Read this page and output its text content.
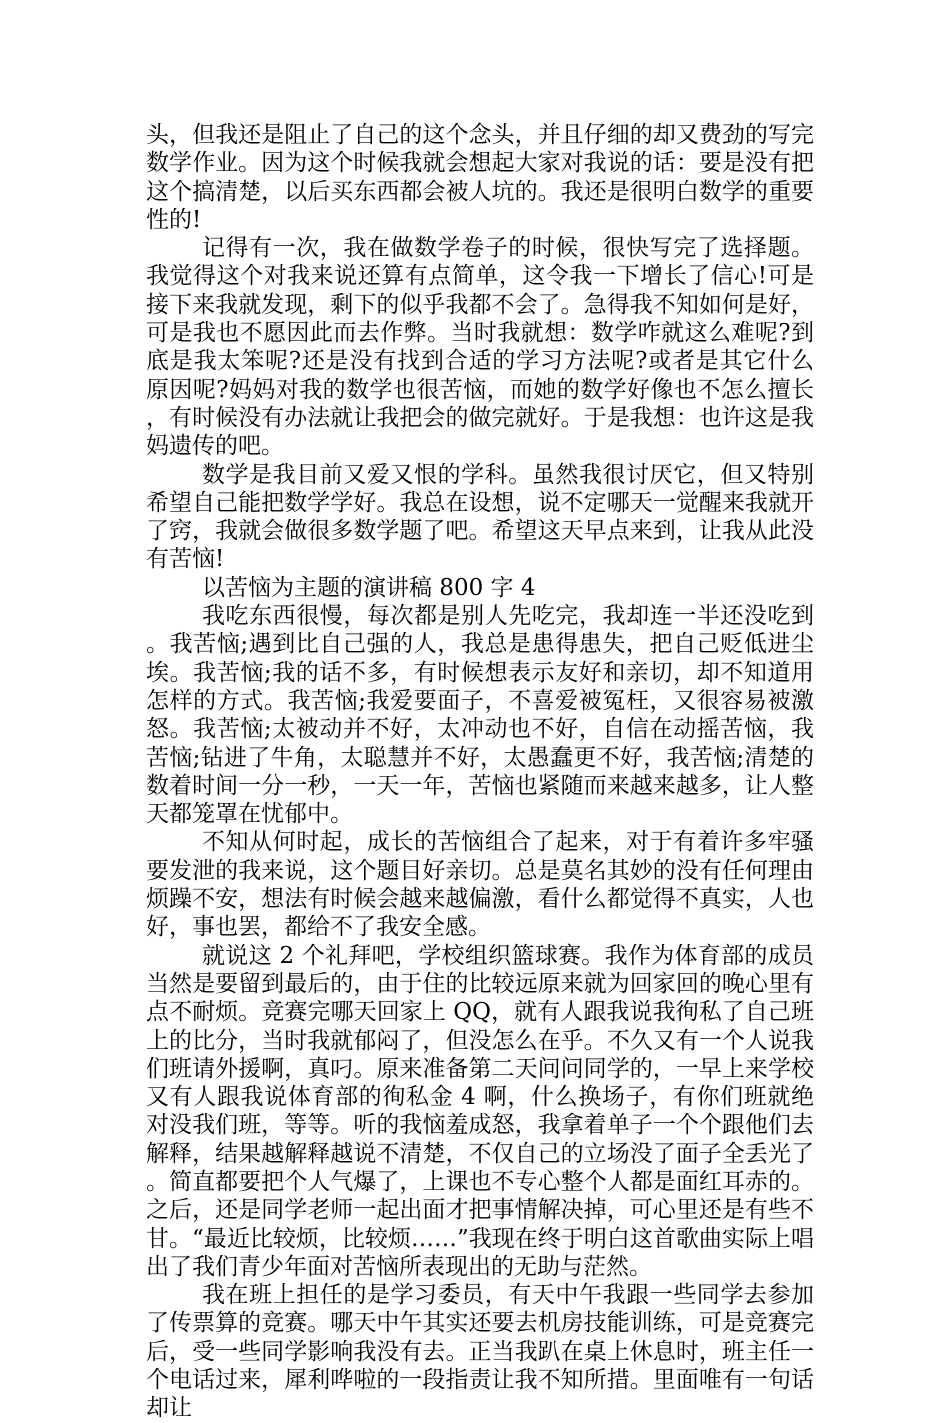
头，但我还是阻止了自己的这个念头，并且仔细的却又费劲的写完数学作业。因为这个时候我就会想起大家对我说的话：要是没有把这个搞清楚，以后买东西都会被人坑的。我还是很明白数学的重要性的!

记得有一次，我在做数学卷子的时候，很快写完了选择题。我觉得这个对我来说还算有点简单，这令我一下增长了信心!可是接下来我就发现，剩下的似乎我都不会了。急得我不知如何是好，可是我也不愿因此而去作弊。当时我就想：数学咋就这么难呢?到底是我太笨呢?还是没有找到合适的学习方法呢?或者是其它什么原因呢?妈妈对我的数学也很苦恼，而她的数学好像也不怎么擅长，有时候没有办法就让我把会的做完就好。于是我想：也许这是我妈遗传的吧。

数学是我目前又爱又恨的学科。虽然我很讨厌它，但又特别希望自己能把数学学好。我总在设想，说不定哪天一觉醒来我就开了窍，我就会做很多数学题了吧。希望这天早点来到，让我从此没有苦恼!

以苦恼为主题的演讲稿 800 字 4

我吃东西很慢，每次都是别人先吃完，我却连一半还没吃到。我苦恼;遇到比自己强的人，我总是患得患失，把自己贬低进尘埃。我苦恼;我的话不多，有时候想表示友好和亲切，却不知道用怎样的方式。我苦恼;我爱要面子，不喜爱被冤枉，又很容易被激怒。我苦恼;太被动并不好，太冲动也不好，自信在动摇苦恼，我苦恼;钻进了牛角，太聪慧并不好，太愚蠢更不好，我苦恼;清楚的数着时间一分一秒，一天一年，苦恼也紧随而来越来越多，让人整天都笼罩在忧郁中。

不知从何时起，成长的苦恼组合了起来，对于有着许多牢骚要发泄的我来说，这个题目好亲切。总是莫名其妙的没有任何理由烦躁不安，想法有时候会越来越偏激，看什么都觉得不真实，人也好，事也罢，都给不了我安全感。

就说这 2 个礼拜吧，学校组织篮球赛。我作为体育部的成员当然是要留到最后的，由于住的比较远原来就为回家回的晚心里有点不耐烦。竞赛完哪天回家上 QQ，就有人跟我说我徇私了自己班上的比分，当时我就郁闷了，但没怎么在乎。不久又有一个人说我们班请外援啊，真叼。原来准备第二天问问同学的，一早上来学校又有人跟我说体育部的徇私金 4 啊，什么换场子，有你们班就绝对没我们班，等等。听的我恼羞成怒，我拿着单子一个个跟他们去解释，结果越解释越说不清楚，不仅自己的立场没了面子全丢光了。简直都要把个人气爆了，上课也不专心整个人都是面红耳赤的。之后，还是同学老师一起出面才把事情解决掉，可心里还是有些不甘。“最近比较烦，比较烦……”我现在终于明白这首歌曲实际上唱出了我们青少年面对苦恼所表现出的无助与茫然。

我在班上担任的是学习委员，有天中午我跟一些同学去参加了传票算的竞赛。哪天中午其实还要去机房技能训练，可是竞赛完后，受一些同学影响我没有去。正当我趴在桌上休息时，班主任一个电话过来，犀利哗啦的一段指责让我不知所措。里面唯有一句话却让
